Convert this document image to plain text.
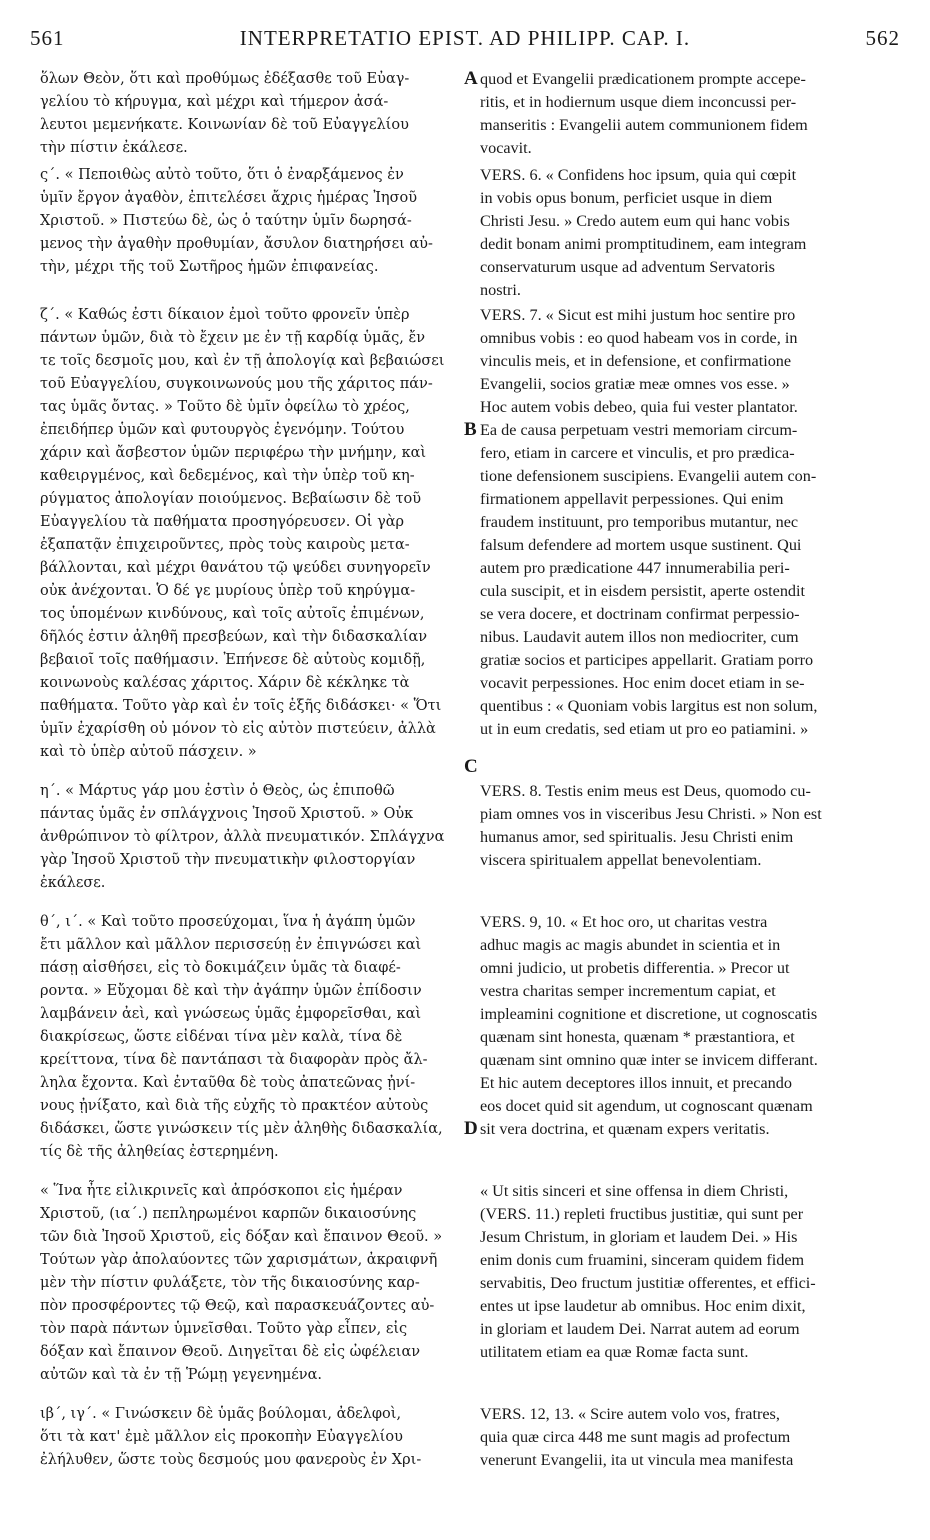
561	INTERPRETATIO EPIST. AD PHILIPP. CAP. I.	562
ὅλων Θεὸν, ὅτι καὶ προθύμως ἐδέξασθε τοῦ Εὐαγ-
γελίου τὸ κήρυγμα, καὶ μέχρι καὶ τήμερον ἀσά-
λευτοι μεμενήκατε. Κοινωνίαν δὲ τοῦ Εὐαγγελίου
τὴν πίστιν ἐκάλεσε.
ς΄. « Πεποιθὼς αὐτὸ τοῦτο, ὅτι ὁ ἐναρξάμενος ἐν
ὑμῖν ἔργον ἀγαθὸν, ἐπιτελέσει ἄχρις ἡμέρας Ἰησοῦ
Χριστοῦ. » Πιστεύω δὲ, ὡς ὁ ταύτην ὑμῖν δωρησά-
μενος τὴν ἀγαθὴν προθυμίαν, ἄσυλον διατηρήσει αὐ-
τὴν, μέχρι τῆς τοῦ Σωτῆρος ἡμῶν ἐπιφανείας.
ζ΄. « Καθώς ἐστι δίκαιον ἐμοὶ τοῦτο φρονεῖν ὑπὲρ
πάντων ὑμῶν, διὰ τὸ ἔχειν με ἐν τῇ καρδίᾳ ὑμᾶς, ἔν
τε τοῖς δεσμοῖς μου, καὶ ἐν τῇ ἀπολογίᾳ καὶ βεβαιώσει
τοῦ Εὐαγγελίου, συγκοινωνούς μου τῆς χάριτος πάν-
τας ὑμᾶς ὄντας. » Τοῦτο δὲ ὑμῖν ὀφείλω τὸ χρέος,
ἐπειδήπερ ὑμῶν καὶ φυτουργὸς ἐγενόμην. Τούτου
χάριν καὶ ἄσβεστον ὑμῶν περιφέρω τὴν μνήμην, καὶ
καθειργμένος, καὶ δεδεμένος, καὶ τὴν ὑπὲρ τοῦ κη-
ρύγματος ἀπολογίαν ποιούμενος. Βεβαίωσιν δὲ τοῦ
Εὐαγγελίου τὰ παθήματα προσηγόρευσεν. Οἱ γὰρ
ἐξαπατᾷν ἐπιχειροῦντες, πρὸς τοὺς καιροὺς μετα-
βάλλονται, καὶ μέχρι θανάτου τῷ ψεύδει συνηγορεῖν
οὐκ ἀνέχονται. Ὁ δέ γε μυρίους ὑπὲρ τοῦ κηρύγμα-
τος ὑπομένων κινδύνους, καὶ τοῖς αὐτοῖς ἐπιμένων,
δῆλός ἐστιν ἀληθῆ πρεσβεύων, καὶ τὴν διδασκαλίαν
βεβαιοῖ τοῖς παθήμασιν. Ἐπήνεσε δὲ αὐτοὺς κομιδῇ,
κοινωνοὺς καλέσας χάριτος. Χάριν δὲ κέκληκε τὰ
παθήματα. Τοῦτο γὰρ καὶ ἐν τοῖς ἑξῆς διδάσκει· « Ὅτι
ὑμῖν ἐχαρίσθη οὐ μόνον τὸ εἰς αὐτὸν πιστεύειν, ἀλλὰ
καὶ τὸ ὑπὲρ αὐτοῦ πάσχειν. »
η΄. « Μάρτυς γάρ μου ἐστὶν ὁ Θεὸς, ὡς ἐπιποθῶ
πάντας ὑμᾶς ἐν σπλάγχνοις Ἰησοῦ Χριστοῦ. » Οὐκ
ἀνθρώπινον τὸ φίλτρον, ἀλλὰ πνευματικόν. Σπλάγχνα
γὰρ Ἰησοῦ Χριστοῦ τὴν πνευματικὴν φιλοστοργίαν
ἐκάλεσε.
θ΄, ι΄. « Καὶ τοῦτο προσεύχομαι, ἵνα ἡ ἀγάπη ὑμῶν
ἔτι μᾶλλον καὶ μᾶλλον περισσεύῃ ἐν ἐπιγνώσει καὶ
πάσῃ αἰσθήσει, εἰς τὸ δοκιμάζειν ὑμᾶς τὰ διαφέ-
ροντα. » Εὔχομαι δὲ καὶ τὴν ἀγάπην ὑμῶν ἐπίδοσιν
λαμβάνειν ἀεὶ, καὶ γνώσεως ὑμᾶς ἐμφορεῖσθαι, καὶ
διακρίσεως, ὥστε εἰδέναι τίνα μὲν καλὰ, τίνα δὲ
κρείττονα, τίνα δὲ παντάπασι τὰ διαφορὰν πρὸς ἄλ-
ληλα ἔχοντα. Καὶ ἐνταῦθα δὲ τοὺς ἀπατεῶνας ᾐνί-
νους ᾐνίξατο, καὶ διὰ τῆς εὐχῆς τὸ πρακτέον αὐτοὺς
διδάσκει, ὥστε γινώσκειν τίς μὲν ἀληθὴς διδασκαλία,
τίς δὲ τῆς ἀληθείας ἐστερημένη.
« Ἵνα ἦτε εἰλικρινεῖς καὶ ἀπρόσκοποι εἰς ἡμέραν
Χριστοῦ, (ια΄.) πεπληρωμένοι καρπῶν δικαιοσύνης
τῶν διὰ Ἰησοῦ Χριστοῦ, εἰς δόξαν καὶ ἔπαινον Θεοῦ. »
Τούτων γὰρ ἀπολαύοντες τῶν χαρισμάτων, ἀκραιφνῆ
μὲν τὴν πίστιν φυλάξετε, τὸν τῆς δικαιοσύνης καρ-
πὸν προσφέροντες τῷ Θεῷ, καὶ παρασκευάζοντες αὐ-
τὸν παρὰ πάντων ὑμνεῖσθαι. Τοῦτο γὰρ εἶπεν, εἰς
δόξαν καὶ ἔπαινον Θεοῦ. Διηγεῖται δὲ εἰς ὠφέλειαν
αὐτῶν καὶ τὰ ἐν τῇ Ῥώμῃ γεγενημένα.
ιβ΄, ιγ΄. « Γινώσκειν δὲ ὑμᾶς βούλομαι, ἀδελφοὶ,
ὅτι τὰ κατ' ἐμὲ μᾶλλον εἰς προκοπὴν Εὐαγγελίου
ἐλήλυθεν, ὥστε τοὺς δεσμούς μου φανεροὺς ἐν Χρι-
A
B
C
D
quod et Evangelii prædicationem prompte accepe-
ritis, et in hodiernum usque diem inconcussi per-
manseritis : Evangelii autem communionem fidem
vocavit.
VERS. 6. « Confidens hoc ipsum, quia qui cœpit
in vobis opus bonum, perficiet usque in diem
Christi Jesu. » Credo autem eum qui hanc vobis
dedit bonam animi promptitudinem, eam integram
conservaturum usque ad adventum Servatoris
nostri.
VERS. 7. « Sicut est mihi justum hoc sentire pro
omnibus vobis : eo quod habeam vos in corde, in
vinculis meis, et in defensione, et confirmatione
Evangelii, socios gratiæ meæ omnes vos esse. »
Hoc autem vobis debeo, quia fui vester plantator.
Ea de causa perpetuam vestri memoriam circum-
fero, etiam in carcere et vinculis, et pro prædica-
tione defensionem suscipiens. Evangelii autem con-
firmationem appellavit perpessiones. Qui enim
fraudem instituunt, pro temporibus mutantur, nec
falsum defendere ad mortem usque sustinent. Qui
autem pro prædicatione 447 innumerabilia peri-
cula suscipit, et in eisdem persistit, aperte ostendit
se vera docere, et doctrinam confirmat perpessio-
nibus. Laudavit autem illos non mediocriter, cum
gratiæ socios et participes appellarit. Gratiam porro
vocavit perpessiones. Hoc enim docet etiam in se-
quentibus : « Quoniam vobis largitus est non solum,
ut in eum credatis, sed etiam ut pro eo patiamini. »
VERS. 8. Testis enim meus est Deus, quomodo cu-
piam omnes vos in visceribus Jesu Christi. » Non est
humanus amor, sed spiritualis. Jesu Christi enim
viscera spiritualem appellat benevolentiam.
VERS. 9, 10. « Et hoc oro, ut charitas vestra
adhuc magis ac magis abundet in scientia et in
omni judicio, ut probetis differentia. » Precor ut
vestra charitas semper incrementum capiat, et
impleamini cognitione et discretione, ut cognoscatis
quænam sint honesta, quænam * præstantiora, et
quænam sint omnino quæ inter se invicem differant.
Et hic autem deceptores illos innuit, et precando
eos docet quid sit agendum, ut cognoscant quænam
sit vera doctrina, et quænam expers veritatis.
« Ut sitis sinceri et sine offensa in diem Christi,
(VERS. 11.) repleti fructibus justitiæ, qui sunt per
Jesum Christum, in gloriam et laudem Dei. » His
enim donis cum fruamini, sinceram quidem fidem
servabitis, Deo fructum justitiæ offerentes, et effici-
entes ut ipse laudetur ab omnibus. Hoc enim dixit,
in gloriam et laudem Dei. Narrat autem ad eorum
utilitatem etiam ea quæ Romæ facta sunt.
VERS. 12, 13. « Scire autem volo vos, fratres,
quia quæ circa 448 me sunt magis ad profectum
venerunt Evangelii, ita ut vincula mea manifesta
